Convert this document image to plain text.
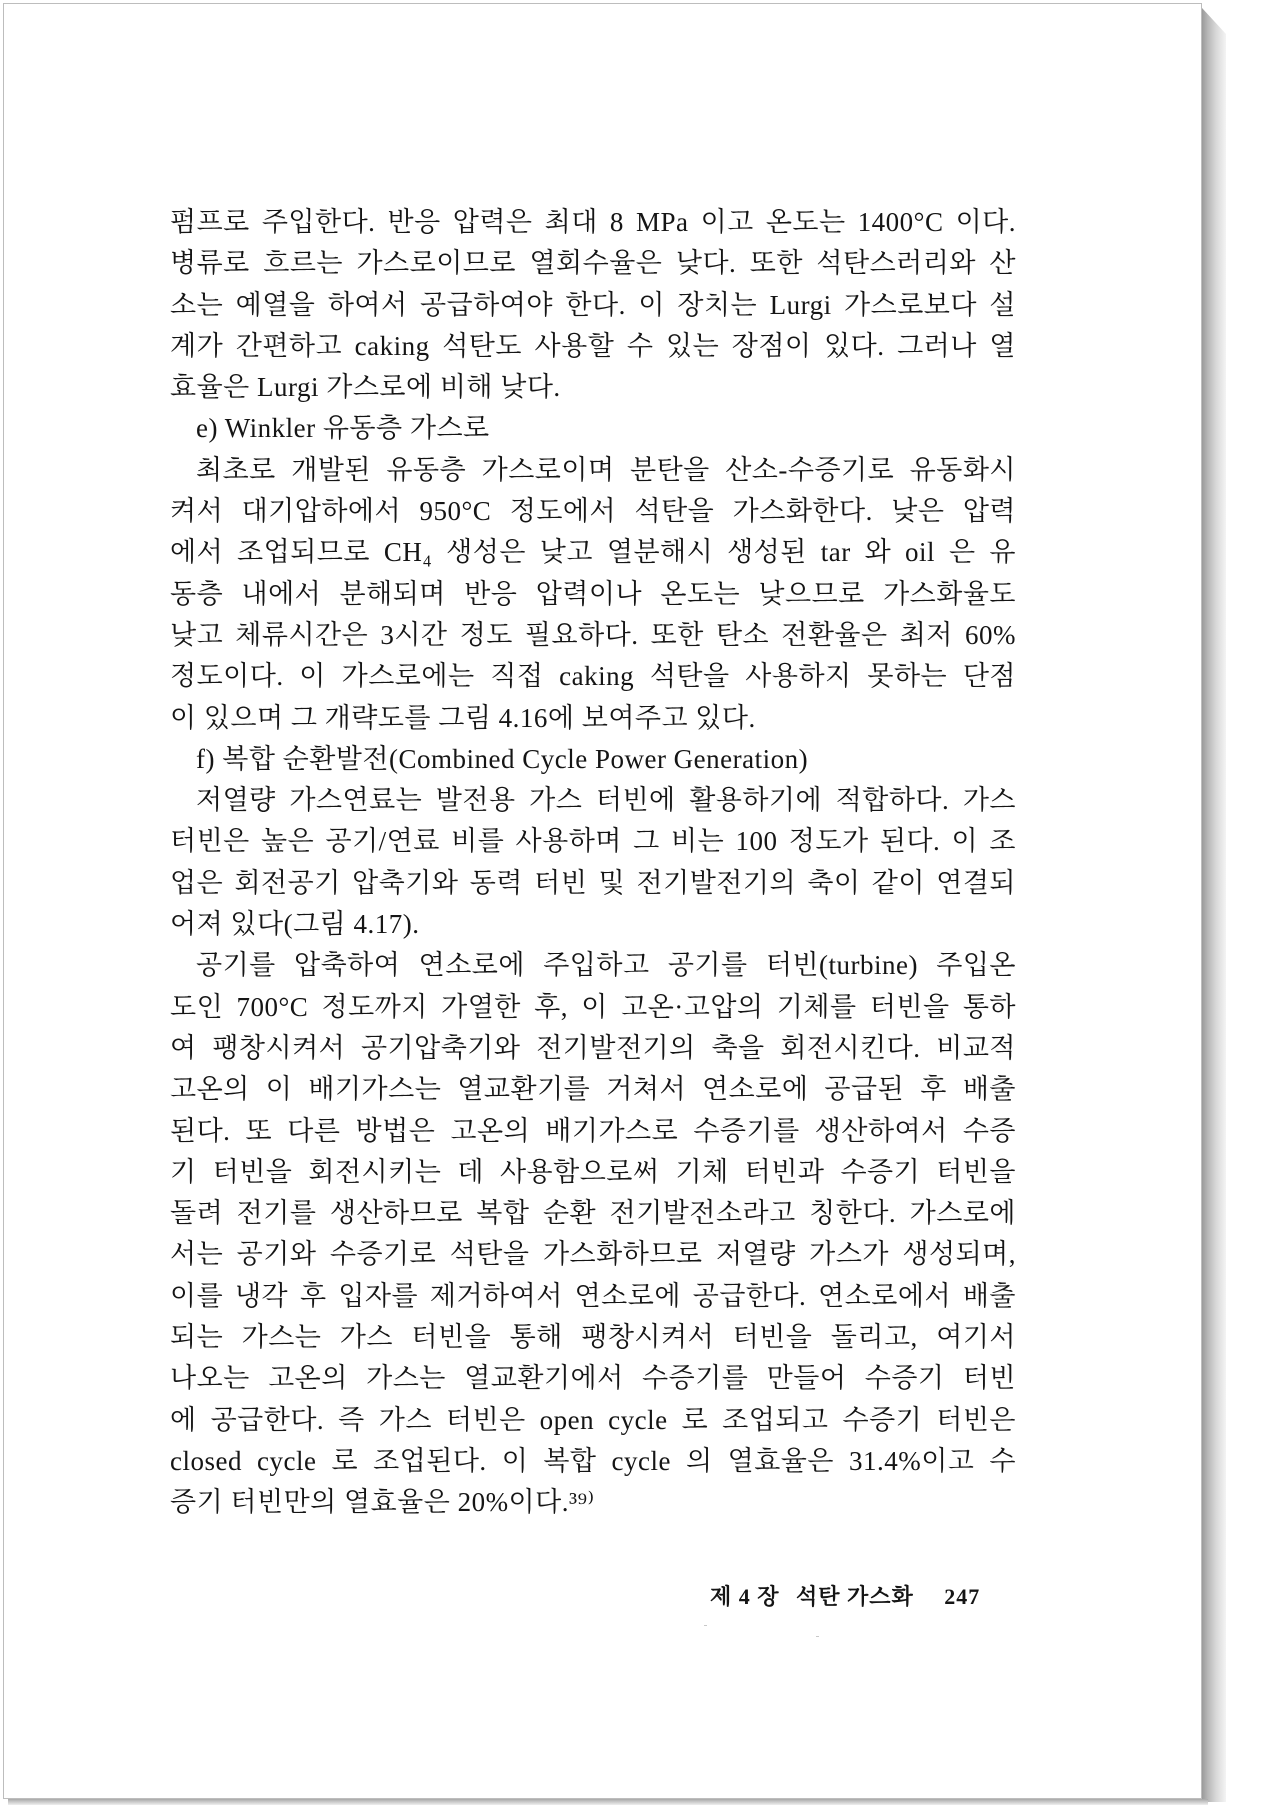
펌프로 주입한다. 반응 압력은 최대 8 MPa 이고 온도는 1400°C 이다.
병류로 흐르는 가스로이므로 열회수율은 낮다. 또한 석탄스러리와 산
소는 예열을 하여서 공급하여야 한다. 이 장치는 Lurgi 가스로보다 설
계가 간편하고 caking 석탄도 사용할 수 있는 장점이 있다. 그러나 열
효율은 Lurgi 가스로에 비해 낮다.
e) Winkler 유동층 가스로
최초로 개발된 유동층 가스로이며 분탄을 산소-수증기로 유동화시
켜서 대기압하에서 950°C 정도에서 석탄을 가스화한다. 낮은 압력
에서 조업되므로 CH₄ 생성은 낮고 열분해시 생성된 tar 와 oil 은 유
동층 내에서 분해되며 반응 압력이나 온도는 낮으므로 가스화율도
낮고 체류시간은 3시간 정도 필요하다. 또한 탄소 전환율은 최저 60%
정도이다. 이 가스로에는 직접 caking 석탄을 사용하지 못하는 단점
이 있으며 그 개략도를 그림 4.16에 보여주고 있다.
f) 복합 순환발전(Combined Cycle Power Generation)
저열량 가스연료는 발전용 가스 터빈에 활용하기에 적합하다. 가스
터빈은 높은 공기/연료 비를 사용하며 그 비는 100 정도가 된다. 이 조
업은 회전공기 압축기와 동력 터빈 및 전기발전기의 축이 같이 연결되
어져 있다(그림 4.17).
공기를 압축하여 연소로에 주입하고 공기를 터빈(turbine) 주입온
도인 700°C 정도까지 가열한 후, 이 고온·고압의 기체를 터빈을 통하
여 팽창시켜서 공기압축기와 전기발전기의 축을 회전시킨다. 비교적
고온의 이 배기가스는 열교환기를 거쳐서 연소로에 공급된 후 배출
된다. 또 다른 방법은 고온의 배기가스로 수증기를 생산하여서 수증
기 터빈을 회전시키는 데 사용함으로써 기체 터빈과 수증기 터빈을
돌려 전기를 생산하므로 복합 순환 전기발전소라고 칭한다. 가스로에
서는 공기와 수증기로 석탄을 가스화하므로 저열량 가스가 생성되며,
이를 냉각 후 입자를 제거하여서 연소로에 공급한다. 연소로에서 배출
되는 가스는 가스 터빈을 통해 팽창시켜서 터빈을 돌리고, 여기서
나오는 고온의 가스는 열교환기에서 수증기를 만들어 수증기 터빈
에 공급한다. 즉 가스 터빈은 open cycle 로 조업되고 수증기 터빈은
closed cycle 로 조업된다. 이 복합 cycle 의 열효율은 31.4%이고 수
증기 터빈만의 열효율은 20%이다.³⁹⁾
제 4 장 석탄 가스화 247
